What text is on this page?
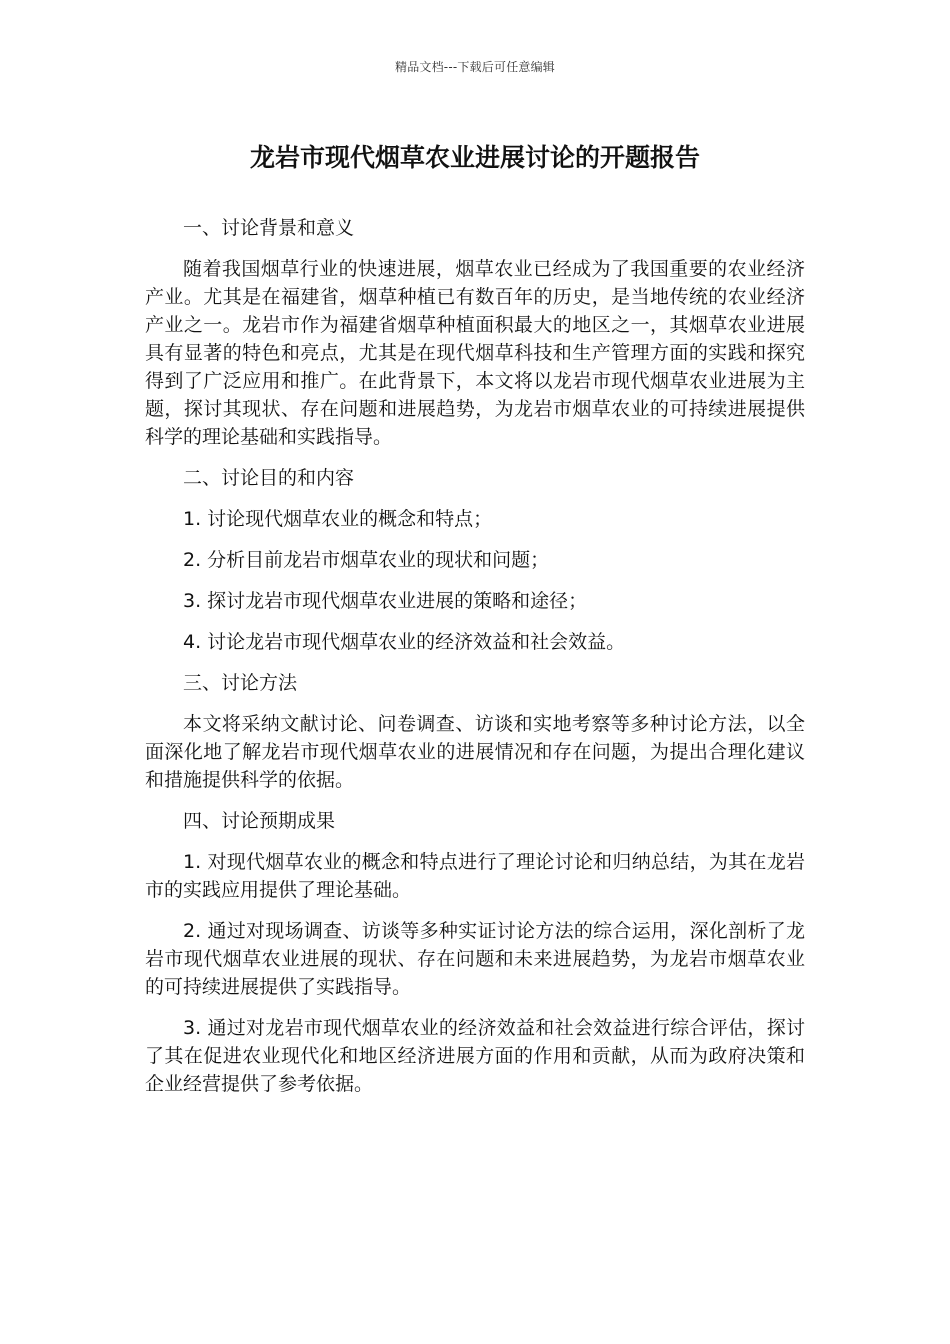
精品文档---下载后可任意编辑
龙岩市现代烟草农业进展讨论的开题报告

一、讨论背景和意义

随着我国烟草行业的快速进展，烟草农业已经成为了我国重要的农业经济产业。尤其是在福建省，烟草种植已有数百年的历史，是当地传统的农业经济产业之一。龙岩市作为福建省烟草种植面积最大的地区之一，其烟草农业进展具有显著的特色和亮点，尤其是在现代烟草科技和生产管理方面的实践和探究得到了广泛应用和推广。在此背景下，本文将以龙岩市现代烟草农业进展为主题，探讨其现状、存在问题和进展趋势，为龙岩市烟草农业的可持续进展提供科学的理论基础和实践指导。

二、讨论目的和内容

1. 讨论现代烟草农业的概念和特点；

2. 分析目前龙岩市烟草农业的现状和问题；

3. 探讨龙岩市现代烟草农业进展的策略和途径；

4. 讨论龙岩市现代烟草农业的经济效益和社会效益。

三、讨论方法

本文将采纳文献讨论、问卷调查、访谈和实地考察等多种讨论方法，以全面深化地了解龙岩市现代烟草农业的进展情况和存在问题，为提出合理化建议和措施提供科学的依据。

四、讨论预期成果

1. 对现代烟草农业的概念和特点进行了理论讨论和归纳总结，为其在龙岩市的实践应用提供了理论基础。

2. 通过对现场调查、访谈等多种实证讨论方法的综合运用，深化剖析了龙岩市现代烟草农业进展的现状、存在问题和未来进展趋势，为龙岩市烟草农业的可持续进展提供了实践指导。

3. 通过对龙岩市现代烟草农业的经济效益和社会效益进行综合评估，探讨了其在促进农业现代化和地区经济进展方面的作用和贡献，从而为政府决策和企业经营提供了参考依据。
